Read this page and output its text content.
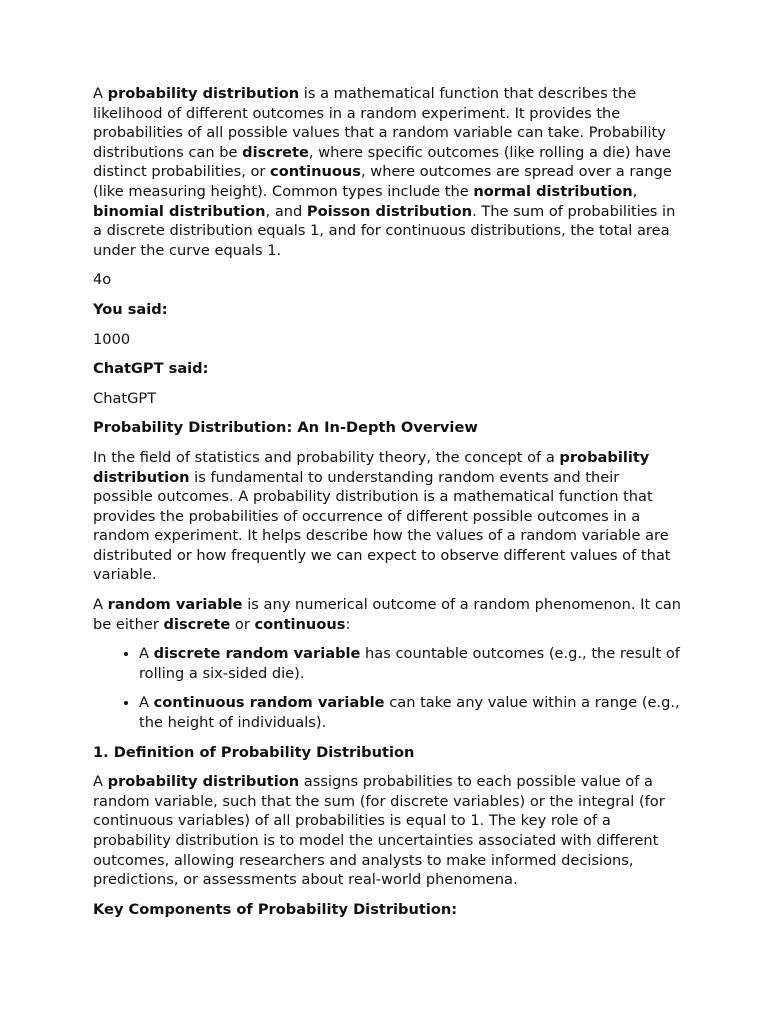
A probability distribution is a mathematical function that describes the likelihood of different outcomes in a random experiment. It provides the probabilities of all possible values that a random variable can take. Probability distributions can be discrete, where specific outcomes (like rolling a die) have distinct probabilities, or continuous, where outcomes are spread over a range (like measuring height). Common types include the normal distribution, binomial distribution, and Poisson distribution. The sum of probabilities in a discrete distribution equals 1, and for continuous distributions, the total area under the curve equals 1.

4o

You said:

1000

ChatGPT said:

ChatGPT

Probability Distribution: An In-Depth Overview

In the field of statistics and probability theory, the concept of a probability distribution is fundamental to understanding random events and their possible outcomes. A probability distribution is a mathematical function that provides the probabilities of occurrence of different possible outcomes in a random experiment. It helps describe how the values of a random variable are distributed or how frequently we can expect to observe different values of that variable.

A random variable is any numerical outcome of a random phenomenon. It can be either discrete or continuous:

• A discrete random variable has countable outcomes (e.g., the result of rolling a six-sided die).
• A continuous random variable can take any value within a range (e.g., the height of individuals).

1. Definition of Probability Distribution

A probability distribution assigns probabilities to each possible value of a random variable, such that the sum (for discrete variables) or the integral (for continuous variables) of all probabilities is equal to 1. The key role of a probability distribution is to model the uncertainties associated with different outcomes, allowing researchers and analysts to make informed decisions, predictions, or assessments about real-world phenomena.

Key Components of Probability Distribution:
